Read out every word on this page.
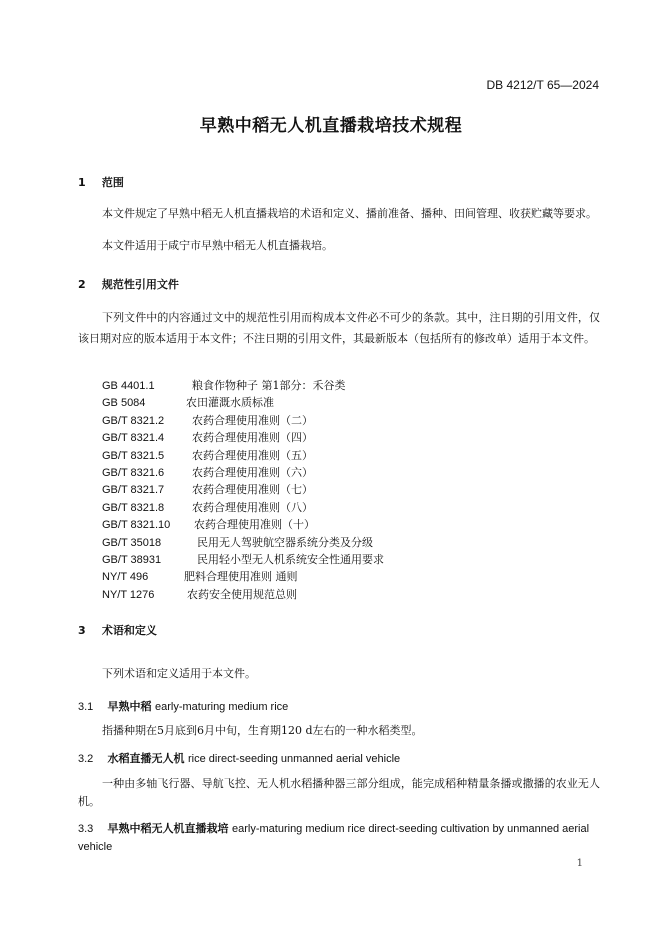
DB 4212/T 65—2024
早熟中稻无人机直播栽培技术规程
1 范围
本文件规定了早熟中稻无人机直播栽培的术语和定义、播前准备、播种、田间管理、收获贮藏等要求。
本文件适用于咸宁市早熟中稻无人机直播栽培。
2 规范性引用文件
下列文件中的内容通过文中的规范性引用而构成本文件必不可少的条款。其中，注日期的引用文件，仅该日期对应的版本适用于本文件；不注日期的引用文件，其最新版本（包括所有的修改单）适用于本文件。
GB 4401.1	粮食作物种子 第1部分：禾谷类
GB 5084	农田灌溉水质标准
GB/T 8321.2	农药合理使用准则（二）
GB/T 8321.4	农药合理使用准则（四）
GB/T 8321.5	农药合理使用准则（五）
GB/T 8321.6	农药合理使用准则（六）
GB/T 8321.7	农药合理使用准则（七）
GB/T 8321.8	农药合理使用准则（八）
GB/T 8321.10 农药合理使用准则（十）
GB/T 35018	民用无人驾驶航空器系统分类及分级
GB/T 38931	民用轻小型无人机系统安全性通用要求
NY/T 496	肥料合理使用准则 通则
NY/T 1276	农药安全使用规范总则
3 术语和定义
下列术语和定义适用于本文件。
3.1 早熟中稻 early-maturing medium rice
指播种期在5月底到6月中旬，生育期120 d左右的一种水稻类型。
3.2 水稻直播无人机 rice direct-seeding unmanned aerial vehicle
一种由多轴飞行器、导航飞控、无人机水稻播种器三部分组成，能完成稻种精量条播或撒播的农业无人机。
3.3 早熟中稻无人机直播栽培 early-maturing medium rice direct-seeding cultivation by unmanned aerial vehicle
1
